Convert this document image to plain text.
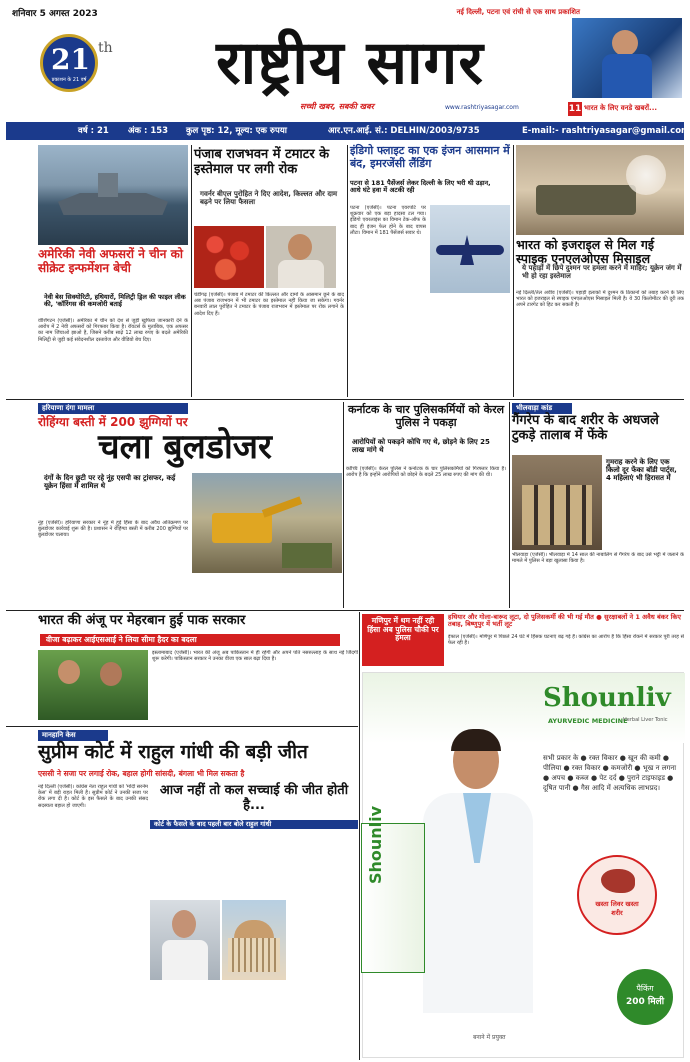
शनिवार 5 अगस्त 2023
21
प्रकाशन के 21 वर्ष
th	राष्ट्रीय सागर
नई दिल्ली, पटना एवं रांची से एक साथ प्रकाशित
सच्ची खबर, सबकी खबर	www.rashtriyasagar.com	11 भारत के लिए वनडे खबरों...
वर्ष : 21 अंक : 153 कुल पृष्ठ: 12, मूल्य: एक रुपया	आर.एन.आई. सं.: DELHIN/2003/9735	E-mail:- rashtriyasagar@gmail.com
अमेरिकी नेवी अफसरों ने चीन को सीक्रेट इन्फर्मेशन बेची
नेवी बेस सिक्योरिटी, हथियारों, मिलिट्री ड्रिल की फाइल लीक की, 'कॉरिंगस की कमजोरी बताई
वॉशिंगटन (एजेंसी)। अमेरिका में चीन को देश से जुड़ी खुफिया जानकारी देने के आरोप में 2 नेवी अफसरों को गिरफ्तार किया है। रॉयटर्स के मुताबिक, एक अफसर का नाम जिंचाओ झाओ है, जिसने करीब साढ़े 12 लाख रुपए के बदले अमेरिकी मिलिट्री से जुड़ी कई संवेदनशील दस्तावेज और वीडियो बेच दिए।
पंजाब राजभवन में टमाटर के इस्तेमाल पर लगी रोक
गवर्नर बीएल पुरोहित ने दिए आदेश, किल्लत और दाम बढ़ने पर लिया फैसला
चंडीगढ़ (एजेंसी)। पंजाब में टमाटर की किल्लत और दामों के आसमान छूने के बाद अब पंजाब राजभवन में भी टमाटर का इस्तेमाल नहीं किया जा सकेगा। गवर्नर बनवारी लाल पुरोहित ने टमाटर के पंजाब राजभवन में इस्तेमाल पर रोक लगाने के आदेश दिए हैं।
इंडिगो फ्लाइट का एक इंजन आसमान में बंद, इमरजेंसी लैंडिंग
पटना से 181 पैसेंजर्स लेकर दिल्ली के लिए भरी थी उड़ान, आधे घंटे हवा में अटकी रही
पटना (एजेंसी)। पटना एयरपोर्ट पर शुक्रवार को एक बड़ा हादसा टल गया। इंडिगो एयरलाइंस का विमान टेक-ऑफ के बाद ही इंजन फेल होने के बाद वापस लौटा। विमान में 181 पैसेंजर्स सवार थे।
भारत को इजराइल से मिल गई स्पाइक एनएलओएस मिसाइल
ये पहाड़ों में छिपे दुश्मन पर हमला करने में माहिर; यूक्रेन जंग में भी हो रहा इस्तेमाल
नई दिल्ली/तेल अवीव (एजेंसी)। पहाड़ी इलाकों में दुश्मन के ठिकानों को तबाह करने के लिए भारत को इजराइल से स्पाइक एनएलओएस मिसाइल मिली है। ये 30 किलोमीटर की दूरी तक अपने टारगेट को हिट कर सकती है।
हरियाणा दंगा मामला
रोहिंग्या बस्ती में 200 झुग्गियों पर
चला बुलडोजर
दंगों के दिन छूटी पर रहे नूंह एसपी का ट्रांसफर, कई यूक्रेन हिंसा में शामिल थे
नूंह (एजेंसी)। हरियाणा सरकार ने नूंह में हुई हिंसा के बाद अवैध अतिक्रमण पर बुलडोजर कार्रवाई शुरू की है। प्रशासन ने रोहिंग्या बस्ती में करीब 200 झुग्गियों पर बुलडोजर चलाया।
कर्नाटक के चार पुलिसकर्मियों को केरल पुलिस ने पकड़ा
आरोपियों को पकड़ने कोचि गए थे, छोड़ने के लिए 25 लाख मांगे थे
कोच्चि (एजेंसी)। केरल पुलिस ने कर्नाटक के चार पुलिसकर्मियों को गिरफ्तार किया है। आरोप है कि इन्होंने आरोपियों को छोड़ने के बदले 25 लाख रुपए की मांग की थी।
भीलवाड़ा कांड
गैंगरेप के बाद शरीर के अधजले टुकड़े तालाब में फेंके
गुमराह करने के लिए एक किलो दूर फेंका बॉडी पार्ट्स, 4 महिलाएं भी हिरासत में
भीलवाड़ा (एजेंसी)। भीलवाड़ा में 14 साल की नाबालिग से गैंगरेप के बाद उसे भट्टी में जलाने के मामले में पुलिस ने बड़ा खुलासा किया है।
भारत की अंजू पर मेहरबान हुई पाक सरकार
वीजा बढ़ाकर आईएसआई ने लिया सीमा हैदर का बदला
इस्लामाबाद (एजेंसी)। भारत की अंजू अब पाकिस्तान में ही रहेगी और अपने पति नसरुल्लाह के साथ नई जिंदगी शुरू करेगी। पाकिस्तान सरकार ने उनका वीजा एक साल बढ़ा दिया है।
मणिपुर में थम नहीं रही हिंसा अब पुलिस चौकी पर हमला
हथियार और गोला-बारूद लूटा, दो पुलिसकर्मी की भी गई मौत ● सुरक्षाबलों ने 1 अवैध बंकर किए तबाह, बिष्णुपुर में भर्ती लूट
इंफाल (एजेंसी)। मणिपुर में पिछले 24 घंटे में हिंसक घटनाएं बढ़ गई हैं। कांग्रेस का आरोप है कि हिंसा रोकने में सरकार पूरी तरह से फेल रही है।
Shounliv
AYURVEDIC MEDICINE
Herbal Liver Tonic
Shounliv
सभी प्रकार के ● रक्त विकार ● खून की कमी ● पीलिया ● रक्त विकार ● कमजोरी ● भूख न लगना ● अपच ● कब्ज ● पेट दर्द ● पुराने टाइफाइड ● दूषित पानी ● गैस आदि में अत्यधिक लाभप्रद।
खस्ता लिवर खस्ता शरीर
पैकिंग
200 मिली
बनाने में प्रयुक्त
मानहानि केस
सुप्रीम कोर्ट में राहुल गांधी की बड़ी जीत
एससी ने सजा पर लगाई रोक, बहाल होगी सांसदी, बंगला भी मिल सकता है
नई दिल्ली (एजेंसी)। कांग्रेस नेता राहुल गांधी को 'मोदी सरनेम केस' में बड़ी राहत मिली है। सुप्रीम कोर्ट ने उनकी सजा पर रोक लगा दी है। कोर्ट के इस फैसले के बाद उनकी संसद सदस्यता बहाल हो जाएगी।
आज नहीं तो कल सच्चाई की जीत होती है...
कोर्ट के फैसले के बाद पहली बार बोले राहुल गांधी
